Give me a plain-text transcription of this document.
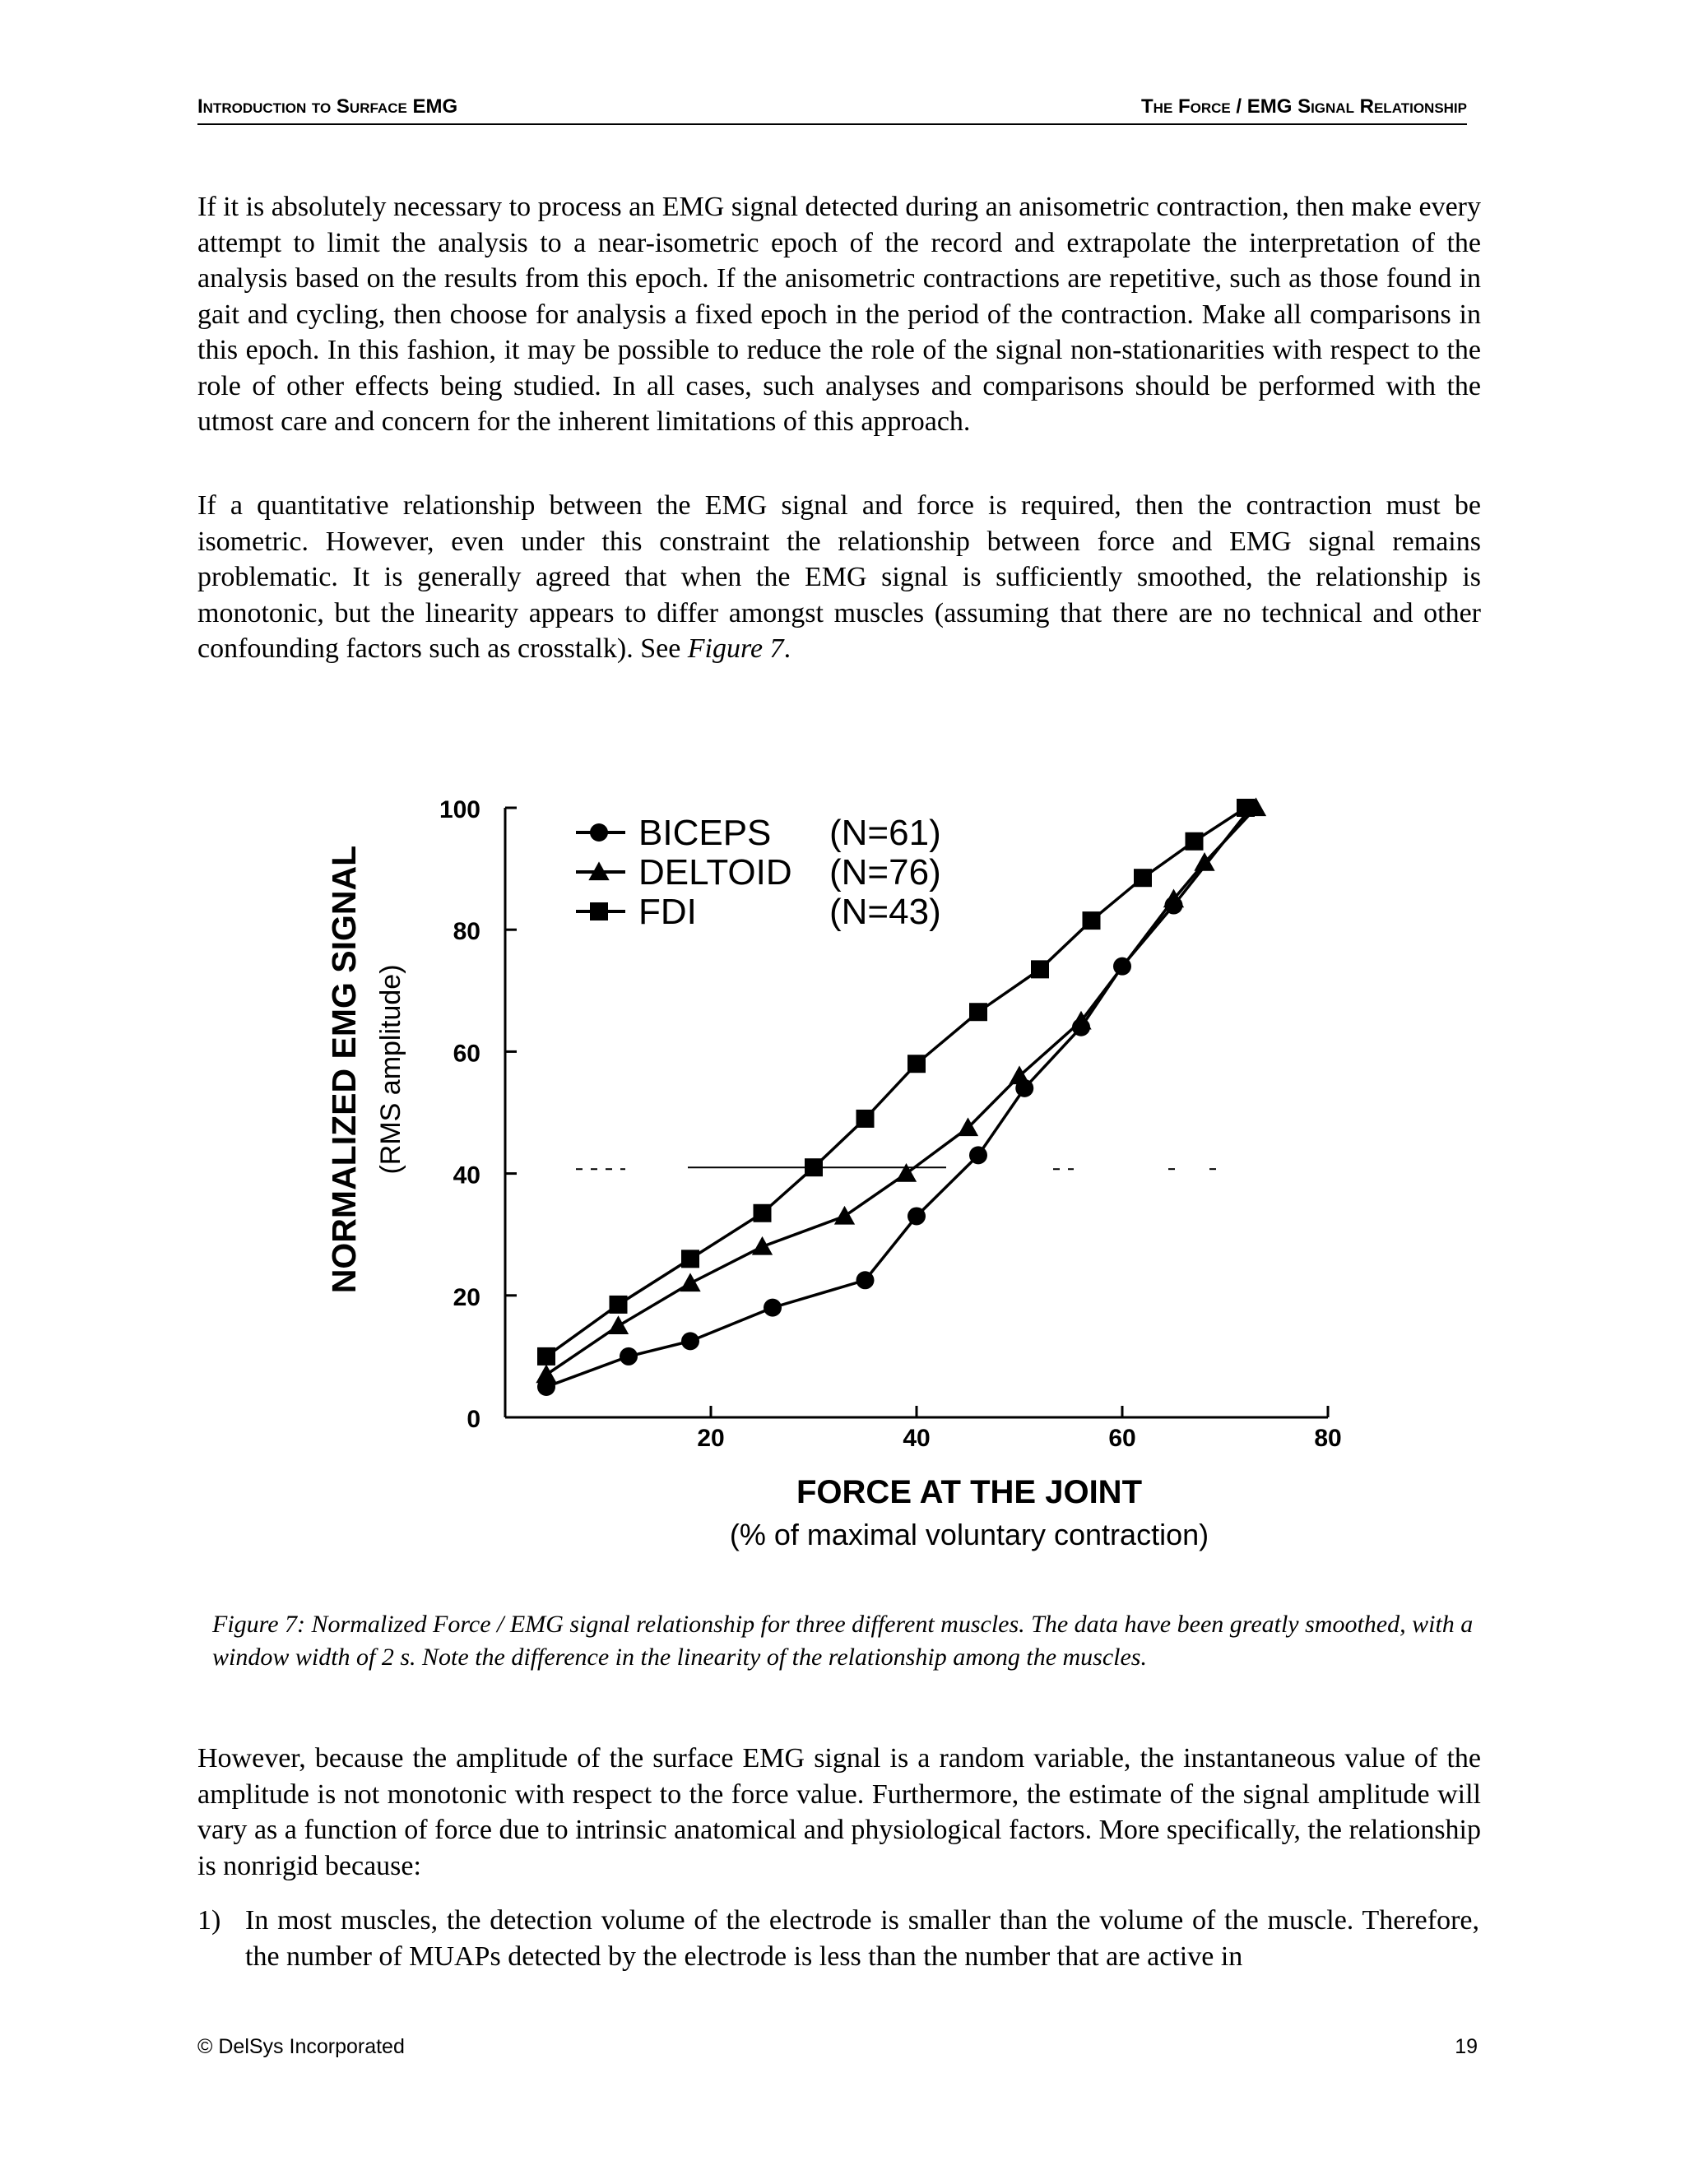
Introduction to Surface EMG	The Force / EMG Signal Relationship

If it is absolutely necessary to process an EMG signal detected during an anisometric contraction, then make every attempt to limit the analysis to a near-isometric epoch of the record and extrapolate the interpretation of the analysis based on the results from this epoch. If the anisometric contractions are repetitive, such as those found in gait and cycling, then choose for analysis a fixed epoch in the period of the contraction. Make all comparisons in this epoch. In this fashion, it may be possible to reduce the role of the signal non-stationarities with respect to the role of other effects being studied. In all cases, such analyses and comparisons should be performed with the utmost care and concern for the inherent limitations of this approach.

If a quantitative relationship between the EMG signal and force is required, then the contraction must be isometric. However, even under this constraint the relationship between force and EMG signal remains problematic. It is generally agreed that when the EMG signal is sufficiently smoothed, the relationship is monotonic, but the linearity appears to differ amongst muscles (assuming that there are no technical and other confounding factors such as crosstalk). See Figure 7.

0
20
40
60
80
100
20	40	60	80
BICEPS (N=61)
DELTOID (N=76)
FDI	(N=43)
FORCE AT THE JOINT
(% of maximal voluntary contraction)
NORMALIZED EMG SIGNAL (RMS amplitude)

Figure 7: Normalized Force / EMG signal relationship for three different muscles. The data have been greatly smoothed, with a window width of 2 s. Note the difference in the linearity of the relationship among the muscles.

However, because the amplitude of the surface EMG signal is a random variable, the instantaneous value of the amplitude is not monotonic with respect to the force value. Furthermore, the estimate of the signal amplitude will vary as a function of force due to intrinsic anatomical and physiological factors. More specifically, the relationship is nonrigid because:

1) In most muscles, the detection volume of the electrode is smaller than the volume of the muscle. Therefore, the number of MUAPs detected by the electrode is less than the number that are active in
© DelSys Incorporated	19
